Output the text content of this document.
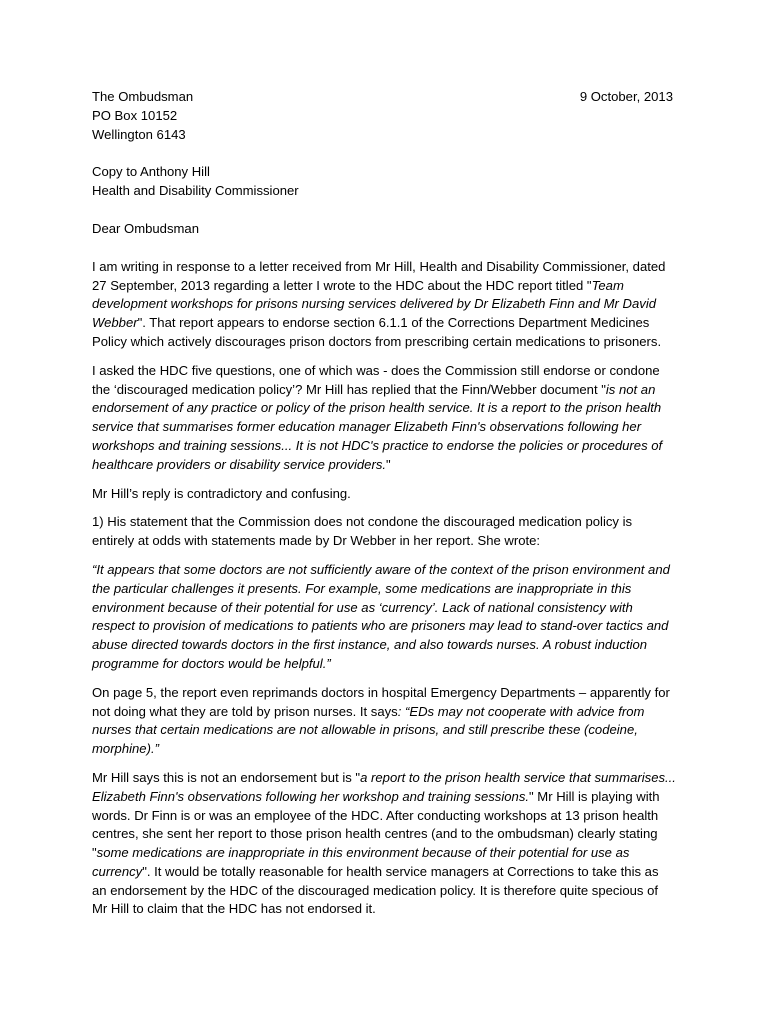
The Ombudsman
PO Box 10152
Wellington 6143
9 October, 2013
Copy to Anthony Hill
Health and Disability Commissioner

Dear Ombudsman

I am writing in response to a letter received from Mr Hill, Health and Disability Commissioner, dated 27 September, 2013 regarding a letter I wrote to the HDC about the HDC report titled "Team development workshops for prisons nursing services delivered by Dr Elizabeth Finn and Mr David Webber". That report appears to endorse section 6.1.1 of the Corrections Department Medicines Policy which actively discourages prison doctors from prescribing certain medications to prisoners.

I asked the HDC five questions, one of which was - does the Commission still endorse or condone the ‘discouraged medication policy’? Mr Hill has replied that the Finn/Webber document "is not an endorsement of any practice or policy of the prison health service. It is a report to the prison health service that summarises former education manager Elizabeth Finn's observations following her workshops and training sessions... It is not HDC's practice to endorse the policies or procedures of healthcare providers or disability service providers."

Mr Hill’s reply is contradictory and confusing.

1) His statement that the Commission does not condone the discouraged medication policy is entirely at odds with statements made by Dr Webber in her report. She wrote:

“It appears that some doctors are not sufficiently aware of the context of the prison environment and the particular challenges it presents. For example, some medications are inappropriate in this environment because of their potential for use as ‘currency’. Lack of national consistency with respect to provision of medications to patients who are prisoners may lead to stand-over tactics and abuse directed towards doctors in the first instance, and also towards nurses. A robust induction programme for doctors would be helpful.”

On page 5, the report even reprimands doctors in hospital Emergency Departments – apparently for not doing what they are told by prison nurses. It says: “EDs may not cooperate with advice from nurses that certain medications are not allowable in prisons, and still prescribe these (codeine, morphine).”

Mr Hill says this is not an endorsement but is "a report to the prison health service that summarises... Elizabeth Finn's observations following her workshop and training sessions." Mr Hill is playing with words. Dr Finn is or was an employee of the HDC. After conducting workshops at 13 prison health centres, she sent her report to those prison health centres (and to the ombudsman) clearly stating "some medications are inappropriate in this environment because of their potential for use as currency". It would be totally reasonable for health service managers at Corrections to take this as an endorsement by the HDC of the discouraged medication policy. It is therefore quite specious of Mr Hill to claim that the HDC has not endorsed it.
